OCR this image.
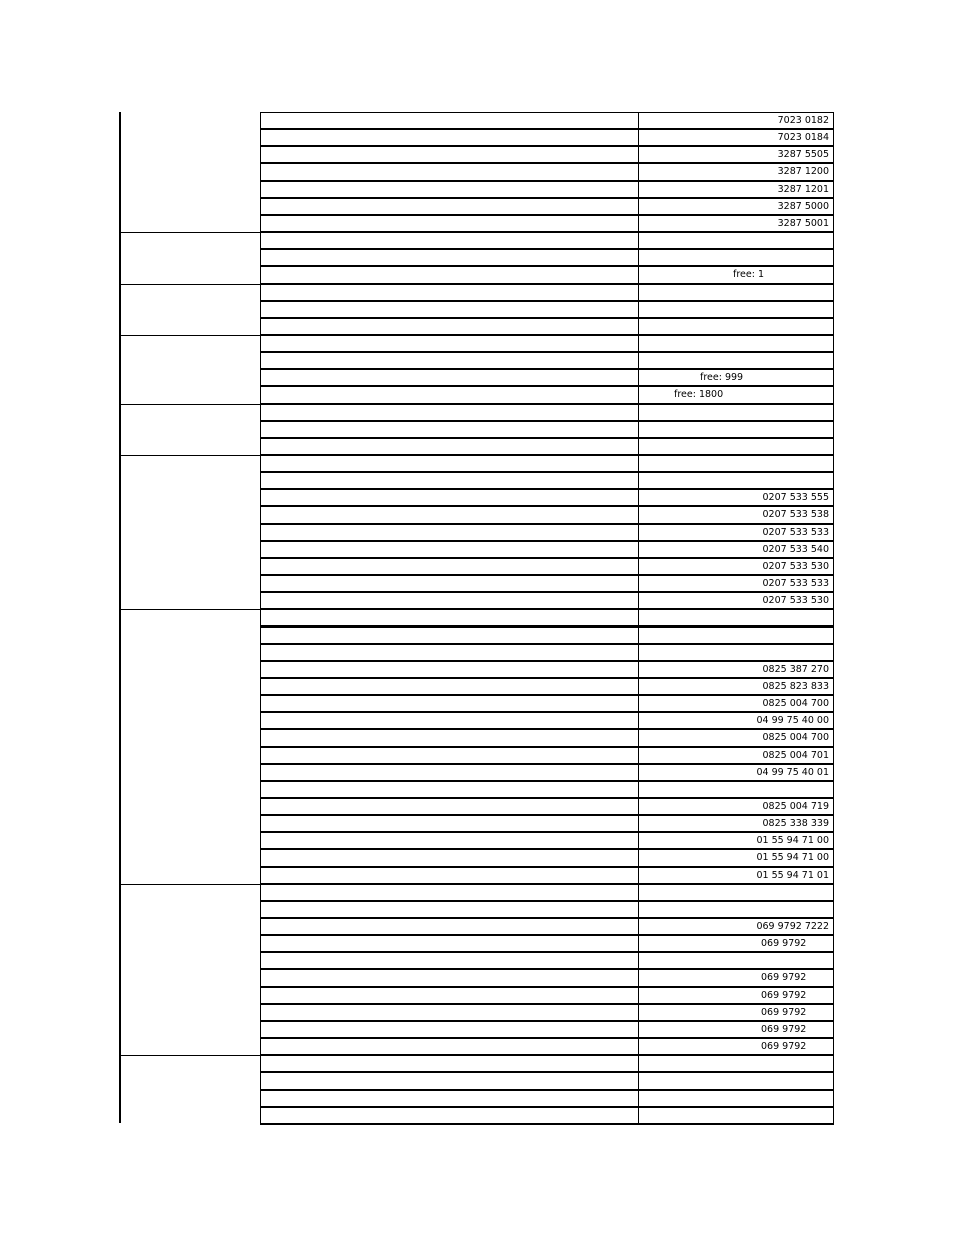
7023 0182
7023 0184
3287 5505
3287 1200
3287 1201
3287 5000
3287 5001
free: 1
free: 999
free: 1800
0207 533 555
0207 533 538
0207 533 533
0207 533 540
0207 533 530
0207 533 533
0207 533 530
0825 387 270
0825 823 833
0825 004 700
04 99 75 40 00
0825 004 700
0825 004 701
04 99 75 40 01
0825 004 719
0825 338 339
01 55 94 71 00
01 55 94 71 00
01 55 94 71 01
069 9792 7222
069 9792
069 9792
069 9792
069 9792
069 9792
069 9792
